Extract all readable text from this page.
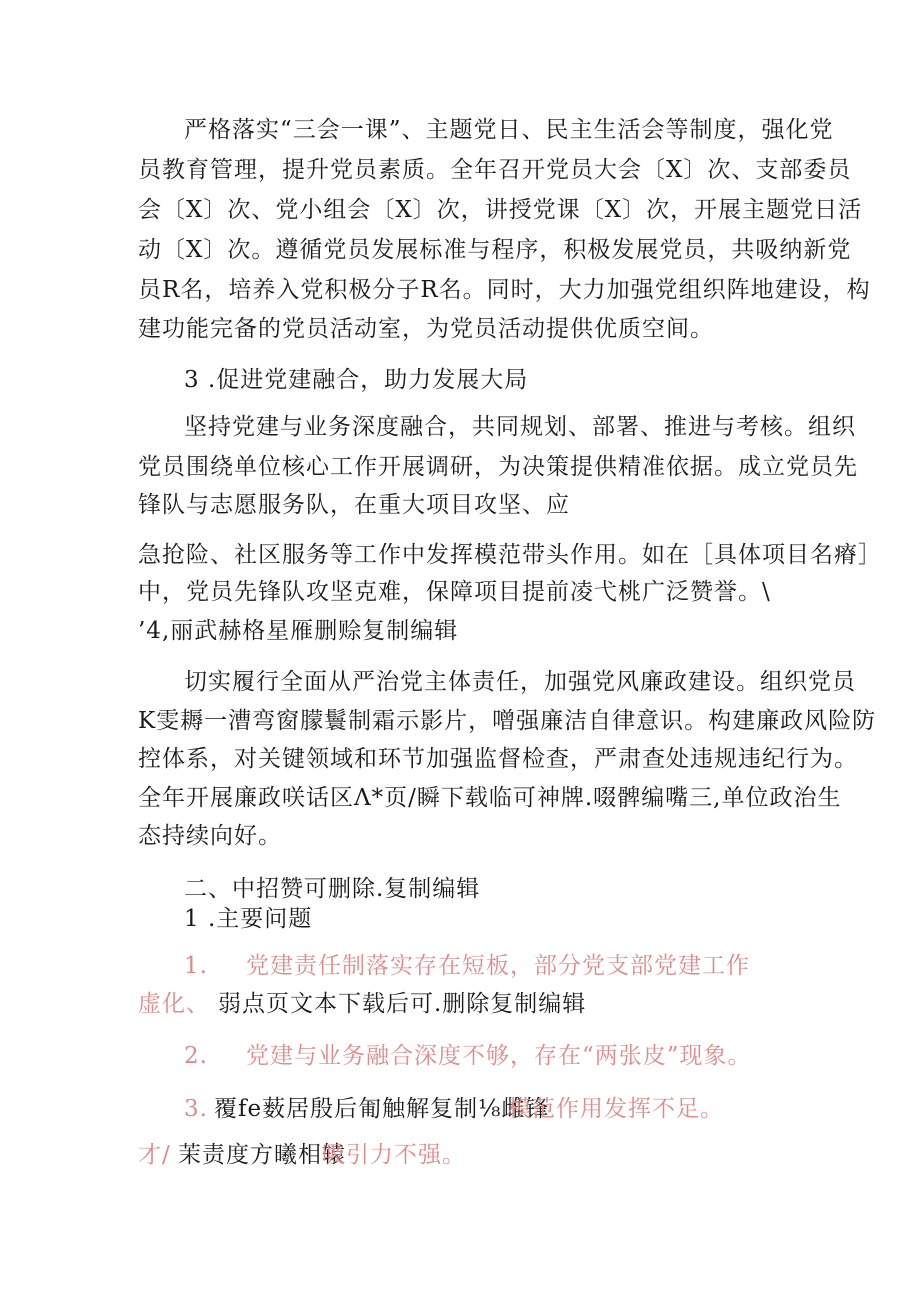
严格落实“三会一课”、主题党日、民主生活会等制度，强化党
员教育管理，提升党员素质。全年召开党员大会〔X〕次、支部委员
会〔X〕次、党小组会〔X〕次，讲授党课〔X〕次，开展主题党日活
动〔X〕次。遵循党员发展标准与程序，积极发展党员，共吸纳新党
员R名，培养入党积极分子R名。同时，大力加强党组织阵地建设，构
建功能完备的党员活动室，为党员活动提供优质空间。
3 .促进党建融合，助力发展大局
坚持党建与业务深度融合，共同规划、部署、推进与考核。组织
党员围绕单位核心工作开展调研，为决策提供精准依据。成立党员先
锋队与志愿服务队，在重大项目攻坚、应
急抢险、社区服务等工作中发挥模范带头作用。如在［具体项目名瘠］
中，党员先锋队攻坚克难，保障项目提前凌弋桃广泛赞誉。 \
’4,丽武赫格星雁删赊复制编辑
切实履行全面从严治党主体责任，加强党风廉政建设。组织党员
K雯耨一漕弯窗朦鬟制霜示影片，噌强廉洁自律意识。构建廉政风险防
控体系，对关键领域和环节加强监督检查，严肃查处违规违纪行为。
全年开展廉政咲话区Λ*页/瞬下载临可神牌.啜髀编嘴三,单位政治生
态持续向好。
二、中招赞可删除.复制编辑
1 .主要问题
1. 党建责任制落实存在短板，部分党支部党建工作
虚化、 弱点页文本下载后可.删除复制编辑
2. 党建与业务融合深度不够，存在“两张皮”现象。
3. 覆fe薮居殷后匍触解复制⅛雌锋
模范作用发挥不足。
才/ 茉责度方曦相辕
吸引力不强。
